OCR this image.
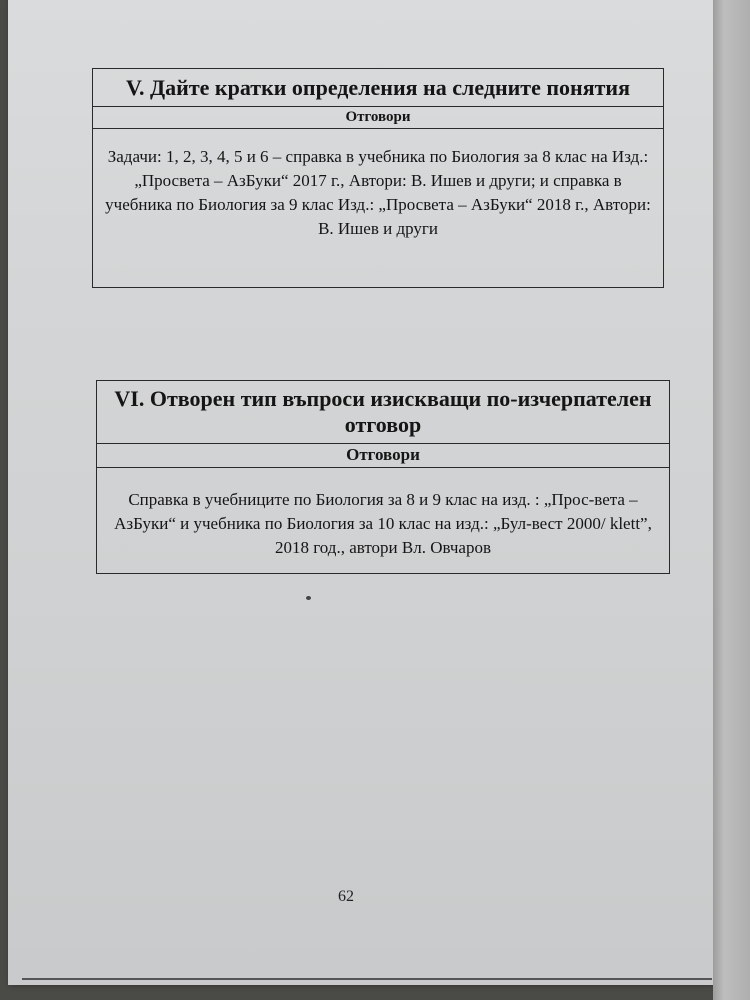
V. Дайте кратки определения на следните понятия
Отговори
Задачи: 1, 2, 3, 4, 5 и 6 – справка в учебника по Биология за 8 клас на Изд.: „Просвета – АзБуки“ 2017 г., Автори: В. Ишев и други; и справка в учебника по Биология за 9 клас Изд.: „Просвета – АзБуки“ 2018 г., Автори: В. Ишев и други
VI. Отворен тип въпроси изискващи по-изчерпателен отговор
Отговори
Справка в учебниците по Биология за 8 и 9 клас на изд. : „Прос-вета – АзБуки“ и учебника по Биология за 10 клас на изд.: „Бул-вест 2000/ klett”, 2018 год., автори Вл. Овчаров
62
